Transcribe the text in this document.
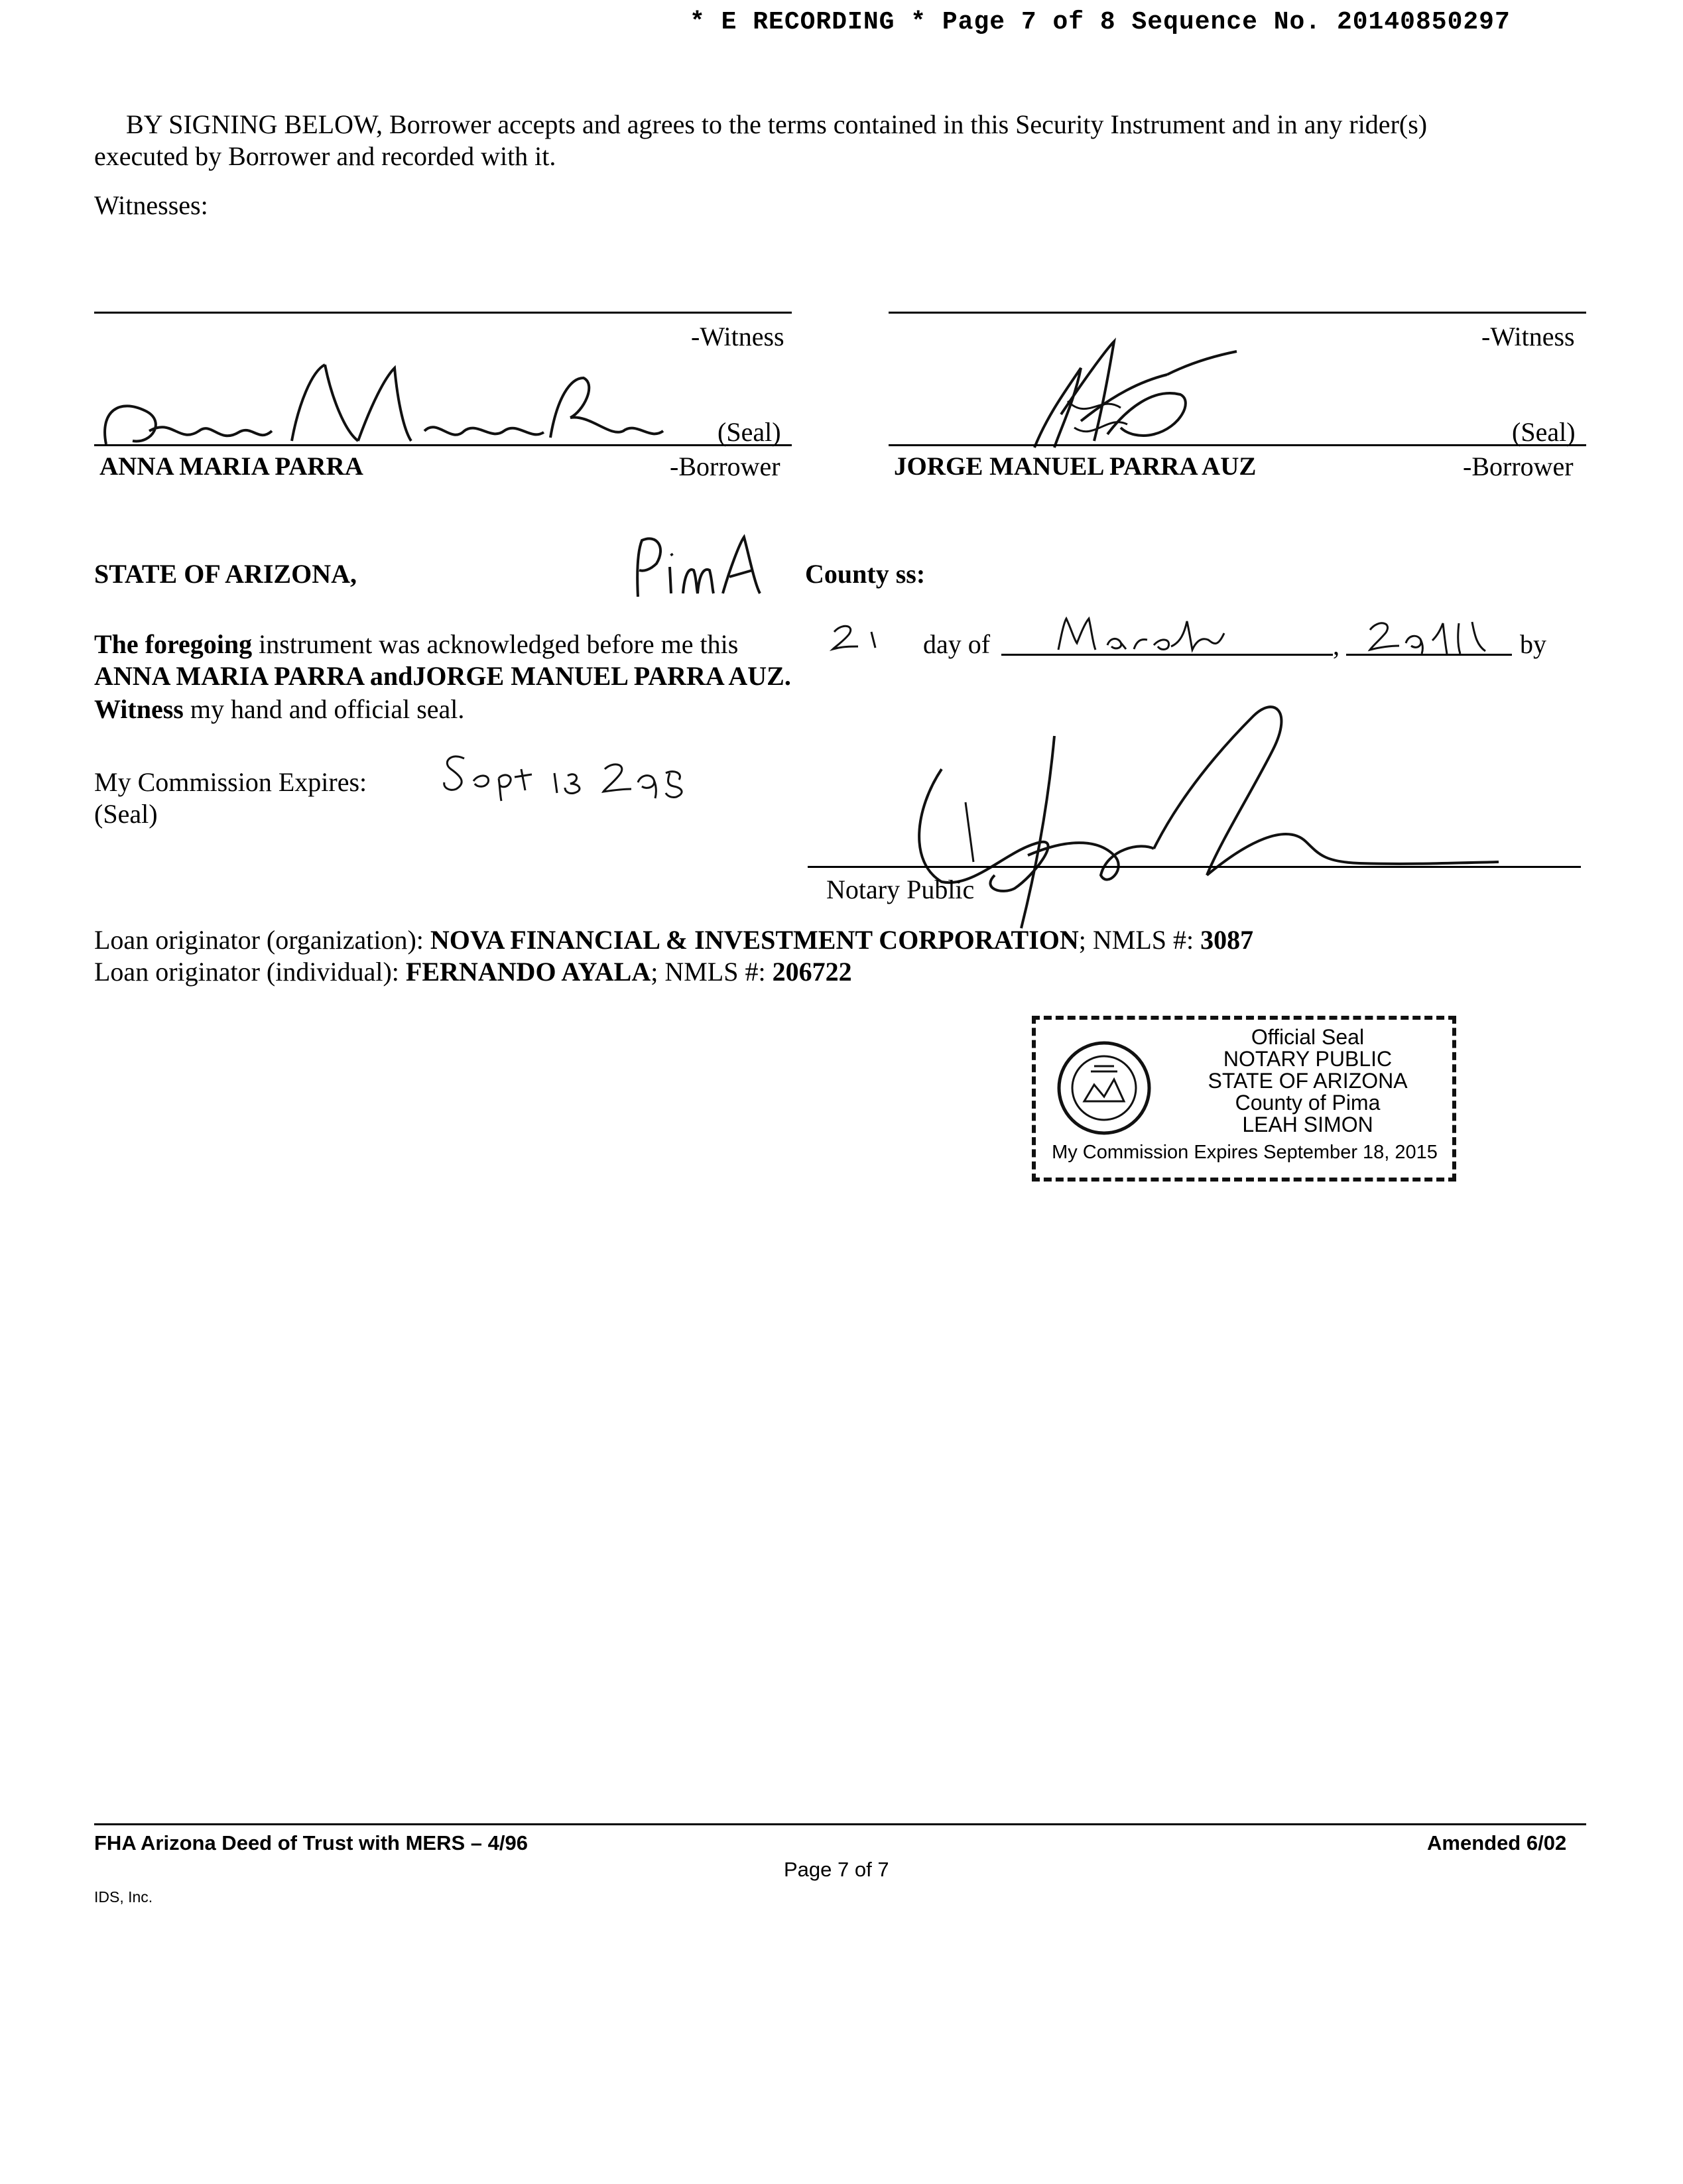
* E RECORDING * Page 7 of 8 Sequence No. 20140850297
BY SIGNING BELOW, Borrower accepts and agrees to the terms contained in this Security Instrument and in any rider(s)
executed by Borrower and recorded with it.
Witnesses:
-Witness	-Witness
(Seal)
ANNA MARIA PARRA	-Borrower
(Seal)
JORGE MANUEL PARRA AUZ	-Borrower
STATE OF ARIZONA,	County ss:
The foregoing instrument was acknowledged before me this	day of	,	by
ANNA MARIA PARRA andJORGE MANUEL PARRA AUZ.
Witness my hand and official seal.
My Commission Expires:
(Seal)
Notary Public
Loan originator (organization): NOVA FINANCIAL & INVESTMENT CORPORATION; NMLS #: 3087
Loan originator (individual): FERNANDO AYALA; NMLS #: 206722
Official Seal
NOTARY PUBLIC
STATE OF ARIZONA
County of Pima
LEAH SIMON
My Commission Expires September 18, 2015
FHA Arizona Deed of Trust with MERS – 4/96	Amended 6/02
Page 7 of 7
IDS, Inc.
